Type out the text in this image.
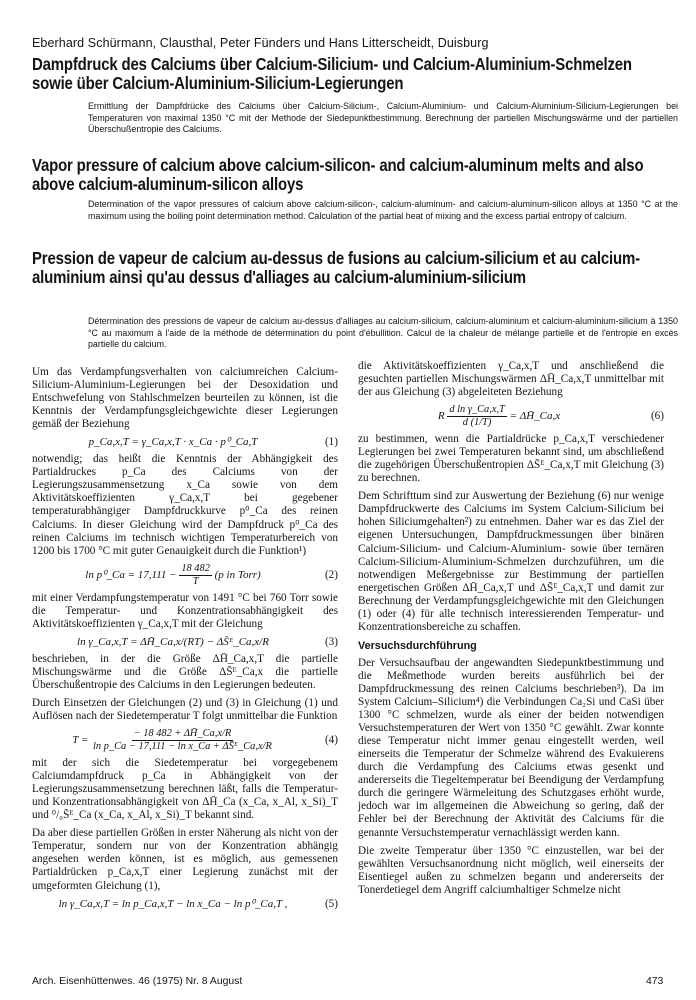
Eberhard Schürmann, Clausthal, Peter Fünders und Hans Litterscheidt, Duisburg
Dampfdruck des Calciums über Calcium-Silicium- und Calcium-Aluminium-Schmelzen sowie über Calcium-Aluminium-Silicium-Legierungen
Ermittlung der Dampfdrücke des Calciums über Calcium-Silicium-, Calcium-Aluminium- und Calcium-Aluminium-Silicium-Legierungen bei Temperaturen von maximal 1350 °C mit der Methode der Siedepunktbestimmung. Berechnung der partiellen Mischungswärme und der partiellen Überschußentropie des Calciums.
Vapor pressure of calcium above calcium-silicon- and calcium-aluminum melts and also above calcium-aluminum-silicon alloys
Determination of the vapor pressures of calcium above calcium-silicon-, calcium-aluminum- and calcium-aluminum-silicon alloys at 1350 °C at the maximum using the boiling point determination method. Calculation of the partial heat of mixing and the excess partial entropy of calcium.
Pression de vapeur de calcium au-dessus de fusions au calcium-silicium et au calcium-aluminium ainsi qu'au dessus d'alliages au calcium-aluminium-silicium
Détermination des pressions de vapeur de calcium au-dessus d'alliages au calcium-silicium, calcium-aluminium et calcium-aluminium-silicium à 1350 °C au maximum à l'aide de la méthode de détermination du point d'ébullition. Calcul de la chaleur de mélange partielle et de l'entropie en excès partielle du calcium.

Um das Verdampfungsverhalten von calciumreichen Calcium-Silicium-Aluminium-Legierungen bei der Desoxidation und Entschwefelung von Stahlschmelzen beurteilen zu können, ist die Kenntnis der Verdampfungsgleichgewichte dieser Legierungen gemäß der Beziehung

p_Ca,x,T = γ_Ca,x,T · x_Ca · p⁰_Ca,T	(1)

notwendig; das heißt die Kenntnis der Abhängigkeit des Partialdruckes p_Ca des Calciums von der Legierungszusammensetzung x_Ca sowie von dem Aktivitätskoeffizienten γ_Ca,x,T bei gegebener temperaturabhängiger Dampfdruckkurve p⁰_Ca des reinen Calciums. In dieser Gleichung wird der Dampfdruck p⁰_Ca des reinen Calciums im technisch wichtigen Temperaturbereich von 1200 bis 1700 °C mit guter Genauigkeit durch die Funktion¹)

ln p⁰_Ca = $17,111 - \frac{18 482}{T} (p$ in Torr)	(2)

mit einer Verdampfungstemperatur von 1491 °C bei 760 Torr sowie die Temperatur- und Konzentrationsabhängigkeit des Aktivitätskoeffizienten γ_Ca,x,T mit der Gleichung

ln γ_Ca,x,T = ΔH̄_Ca,x/(RT) − ΔS̄ᴱ_Ca,x/R	(3)

beschrieben, in der die Größe ΔH̄_Ca,x,T die partielle Mischungswärme und die Größe ΔS̄ᴱ_Ca,x die partielle Überschußentropie des Calciums in den Legierungen bedeuten.

Durch Einsetzen der Gleichungen (2) und (3) in Gleichung (1) und Auflösen nach der Siedetemperatur T folgt unmittelbar die Funktion

$T = \frac{- 18 482 + \Delta H̄\_Ca,x/R}{\text{ln p\_Ca − 17,111 − ln x\_Ca + ΔS̄ᴱ\_Ca,x/R}}$	(4)

mit der sich die Siedetemperatur bei vorgegebenem Calciumdampfdruck p_Ca in Abhängigkeit von der Legierungszusammensetzung berechnen läßt, falls die Temperatur- und Konzentrationsabhängigkeit von ΔH̄_Ca (x_Ca, x_Al, x_Si)_T und ⁰/₀S̄ᴱ_Ca (x_Ca, x_Al, x_Si)_T bekannt sind.

Da aber diese partiellen Größen in erster Näherung als nicht von der Temperatur, sondern nur von der Konzentration abhängig angesehen werden können, ist es möglich, aus gemessenen Partialdrücken p_Ca,x,T einer Legierung zunächst mit der umgeformten Gleichung (1),

ln γ_Ca,x,T = ln p_Ca,x,T − ln x_Ca − ln p⁰_Ca,T ,	(5)

die Aktivitätskoeffizienten γ_Ca,x,T und anschließend die gesuchten partiellen Mischungswärmen ΔH̄_Ca,x,T unmittelbar mit der aus Gleichung (3) abgeleiteten Beziehung

R $\frac{\text{d ln γ\_Ca,x,T}}{d (1/T)}$ = ΔH̄_Ca,x	(6)

zu bestimmen, wenn die Partialdrücke p_Ca,x,T verschiedener Legierungen bei zwei Temperaturen bekannt sind, um abschließend die zugehörigen Überschußentropien ΔS̄ᴱ_Ca,x,T mit Gleichung (3) zu berechnen.

Dem Schrifttum sind zur Auswertung der Beziehung (6) nur wenige Dampfdruckwerte des Calciums im System Calcium-Silicium bei hohen Siliciumgehalten²) zu entnehmen. Daher war es das Ziel der eigenen Untersuchungen, Dampfdruckmessungen über binären Calcium-Silicium- und Calcium-Aluminium- sowie über ternären Calcium-Silicium-Aluminium-Schmelzen durchzuführen, um die notwendigen Meßergebnisse zur Bestimmung der partiellen energetischen Größen ΔH̄_Ca,x,T und ΔS̄ᴱ_Ca,x,T und damit zur Berechnung der Verdampfungsgleichgewichte mit den Gleichungen (1) oder (4) für alle technisch interessierenden Temperatur- und Konzentrationsbereiche zu schaffen.

Versuchsdurchführung

Der Versuchsaufbau der angewandten Siedepunktbestimmung und die Meßmethode wurden bereits ausführlich bei der Dampfdruckmessung des reinen Calciums beschrieben³). Da im System Calcium–Silicium⁴) die Verbindungen Ca₂Si und CaSi über 1300 °C schmelzen, wurde als einer der beiden notwendigen Versuchstemperaturen der Wert von 1350 °C gewählt. Zwar konnte diese Temperatur nicht immer genau eingestellt werden, weil einerseits die Temperatur der Schmelze während des Evakuierens durch die Verdampfung des Calciums etwas gesenkt und andererseits die Tiegeltemperatur bei Beendigung der Verdampfung durch die geringere Wärmeleitung des Schutzgases erhöht wurde, jedoch war im allgemeinen die Abweichung so gering, daß der Fehler bei der Berechnung der Aktivität des Calciums für die genannte Versuchstemperatur vernachlässigt werden kann.

Die zweite Temperatur über 1350 °C einzustellen, war bei der gewählten Versuchsanordnung nicht möglich, weil einerseits der Eisentiegel außen zu schmelzen begann und andererseits der Tonerdetiegel dem Angriff calciumhaltiger Schmelze nicht

Arch. Eisenhüttenwes. 46 (1975) Nr. 8 August	473
